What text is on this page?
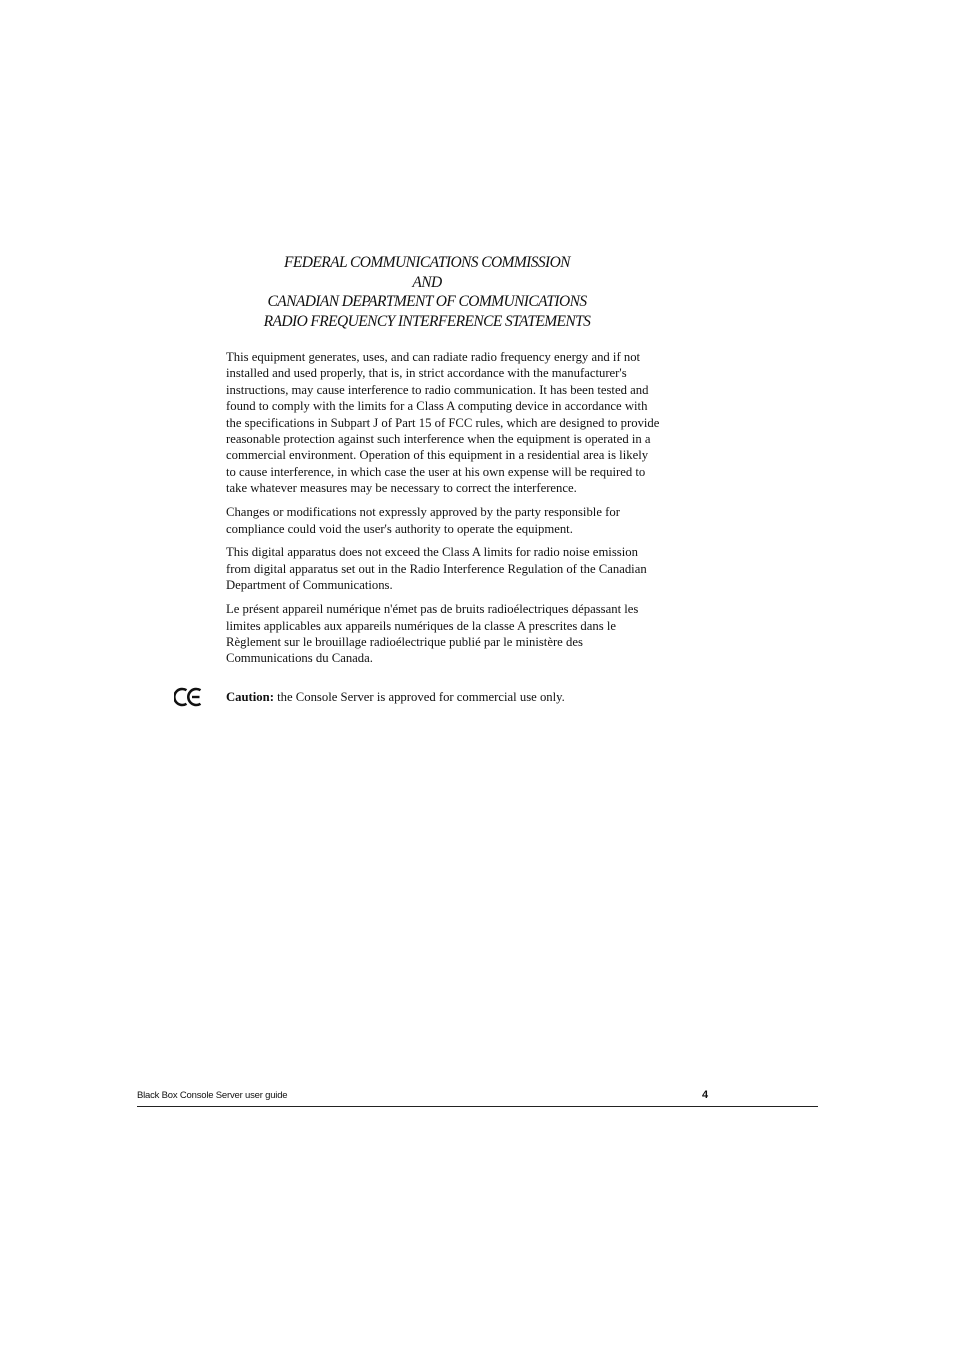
FEDERAL COMMUNICATIONS COMMISSION
AND
CANADIAN DEPARTMENT OF COMMUNICATIONS
RADIO FREQUENCY INTERFERENCE STATEMENTS

This equipment generates, uses, and can radiate radio frequency energy and if not
installed and used properly, that is, in strict accordance with the manufacturer's
instructions, may cause interference to radio communication. It has been tested and
found to comply with the limits for a Class A computing device in accordance with
the specifications in Subpart J of Part 15 of FCC rules, which are designed to provide
reasonable protection against such interference when the equipment is operated in a
commercial environment. Operation of this equipment in a residential area is likely
to cause interference, in which case the user at his own expense will be required to
take whatever measures may be necessary to correct the interference.

Changes or modifications not expressly approved by the party responsible for
compliance could void the user's authority to operate the equipment.

This digital apparatus does not exceed the Class A limits for radio noise emission
from digital apparatus set out in the Radio Interference Regulation of the Canadian
Department of Communications.

Le présent appareil numérique n'émet pas de bruits radioélectriques dépassant les
limites applicables aux appareils numériques de la classe A prescrites dans le
Règlement sur le brouillage radioélectrique publié par le ministère des
Communications du Canada.

Caution: the Console Server is approved for commercial use only.
Black Box Console Server user guide	4
